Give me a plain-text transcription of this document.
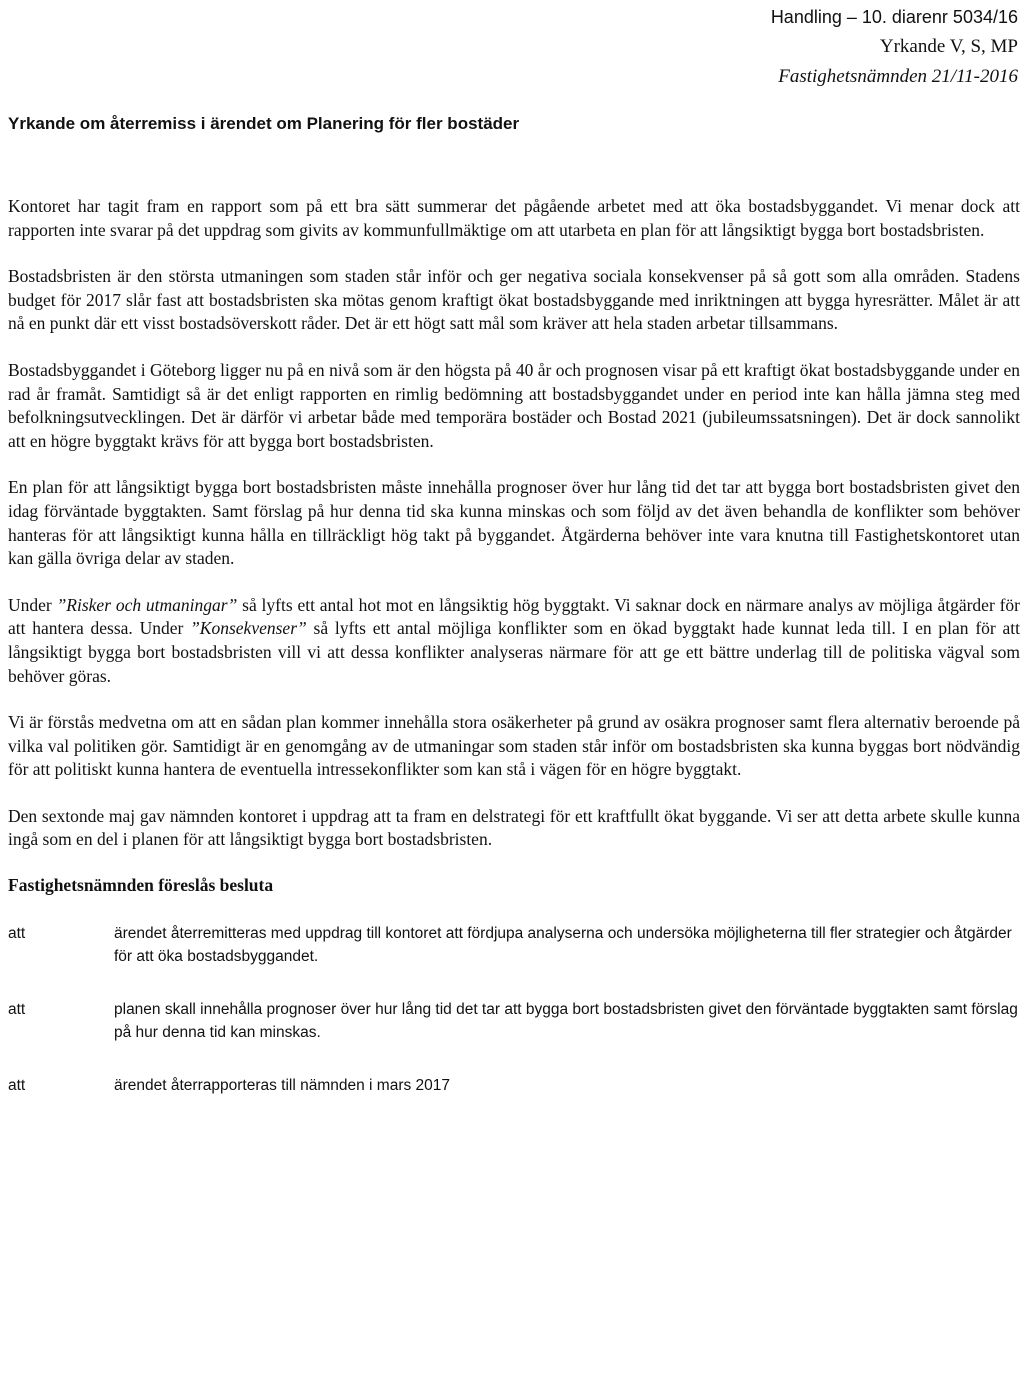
Handling – 10. diarenr 5034/16
Yrkande V, S, MP
Fastighetsnämnden 21/11-2016
Yrkande om återremiss i ärendet om Planering för fler bostäder

Kontoret har tagit fram en rapport som på ett bra sätt summerar det pågående arbetet med att öka bostadsbyggandet. Vi menar dock att rapporten inte svarar på det uppdrag som givits av kommunfullmäktige om att utarbeta en plan för att långsiktigt bygga bort bostadsbristen.

Bostadsbristen är den största utmaningen som staden står inför och ger negativa sociala konsekvenser på så gott som alla områden. Stadens budget för 2017 slår fast att bostadsbristen ska mötas genom kraftigt ökat bostadsbyggande med inriktningen att bygga hyresrätter. Målet är att nå en punkt där ett visst bostadsöverskott råder. Det är ett högt satt mål som kräver att hela staden arbetar tillsammans.

Bostadsbyggandet i Göteborg ligger nu på en nivå som är den högsta på 40 år och prognosen visar på ett kraftigt ökat bostadsbyggande under en rad år framåt. Samtidigt så är det enligt rapporten en rimlig bedömning att bostadsbyggandet under en period inte kan hålla jämna steg med befolkningsutvecklingen. Det är därför vi arbetar både med temporära bostäder och Bostad 2021 (jubileumssatsningen). Det är dock sannolikt att en högre byggtakt krävs för att bygga bort bostadsbristen.

En plan för att långsiktigt bygga bort bostadsbristen måste innehålla prognoser över hur lång tid det tar att bygga bort bostadsbristen givet den idag förväntade byggtakten. Samt förslag på hur denna tid ska kunna minskas och som följd av det även behandla de konflikter som behöver hanteras för att långsiktigt kunna hålla en tillräckligt hög takt på byggandet. Åtgärderna behöver inte vara knutna till Fastighetskontoret utan kan gälla övriga delar av staden.

Under ”Risker och utmaningar” så lyfts ett antal hot mot en långsiktig hög byggtakt. Vi saknar dock en närmare analys av möjliga åtgärder för att hantera dessa. Under ”Konsekvenser” så lyfts ett antal möjliga konflikter som en ökad byggtakt hade kunnat leda till. I en plan för att långsiktigt bygga bort bostadsbristen vill vi att dessa konflikter analyseras närmare för att ge ett bättre underlag till de politiska vägval som behöver göras.

Vi är förstås medvetna om att en sådan plan kommer innehålla stora osäkerheter på grund av osäkra prognoser samt flera alternativ beroende på vilka val politiken gör. Samtidigt är en genomgång av de utmaningar som staden står inför om bostadsbristen ska kunna byggas bort nödvändig för att politiskt kunna hantera de eventuella intressekonflikter som kan stå i vägen för en högre byggtakt.

Den sextonde maj gav nämnden kontoret i uppdrag att ta fram en delstrategi för ett kraftfullt ökat byggande. Vi ser att detta arbete skulle kunna ingå som en del i planen för att långsiktigt bygga bort bostadsbristen.

Fastighetsnämnden föreslås besluta
att	ärendet återremitteras med uppdrag till kontoret att fördjupa analyserna och undersöka möjligheterna till fler strategier och åtgärder för att öka bostadsbyggandet.
att	planen skall innehålla prognoser över hur lång tid det tar att bygga bort bostadsbristen givet den förväntade byggtakten samt förslag på hur denna tid kan minskas.
att	ärendet återrapporteras till nämnden i mars 2017
